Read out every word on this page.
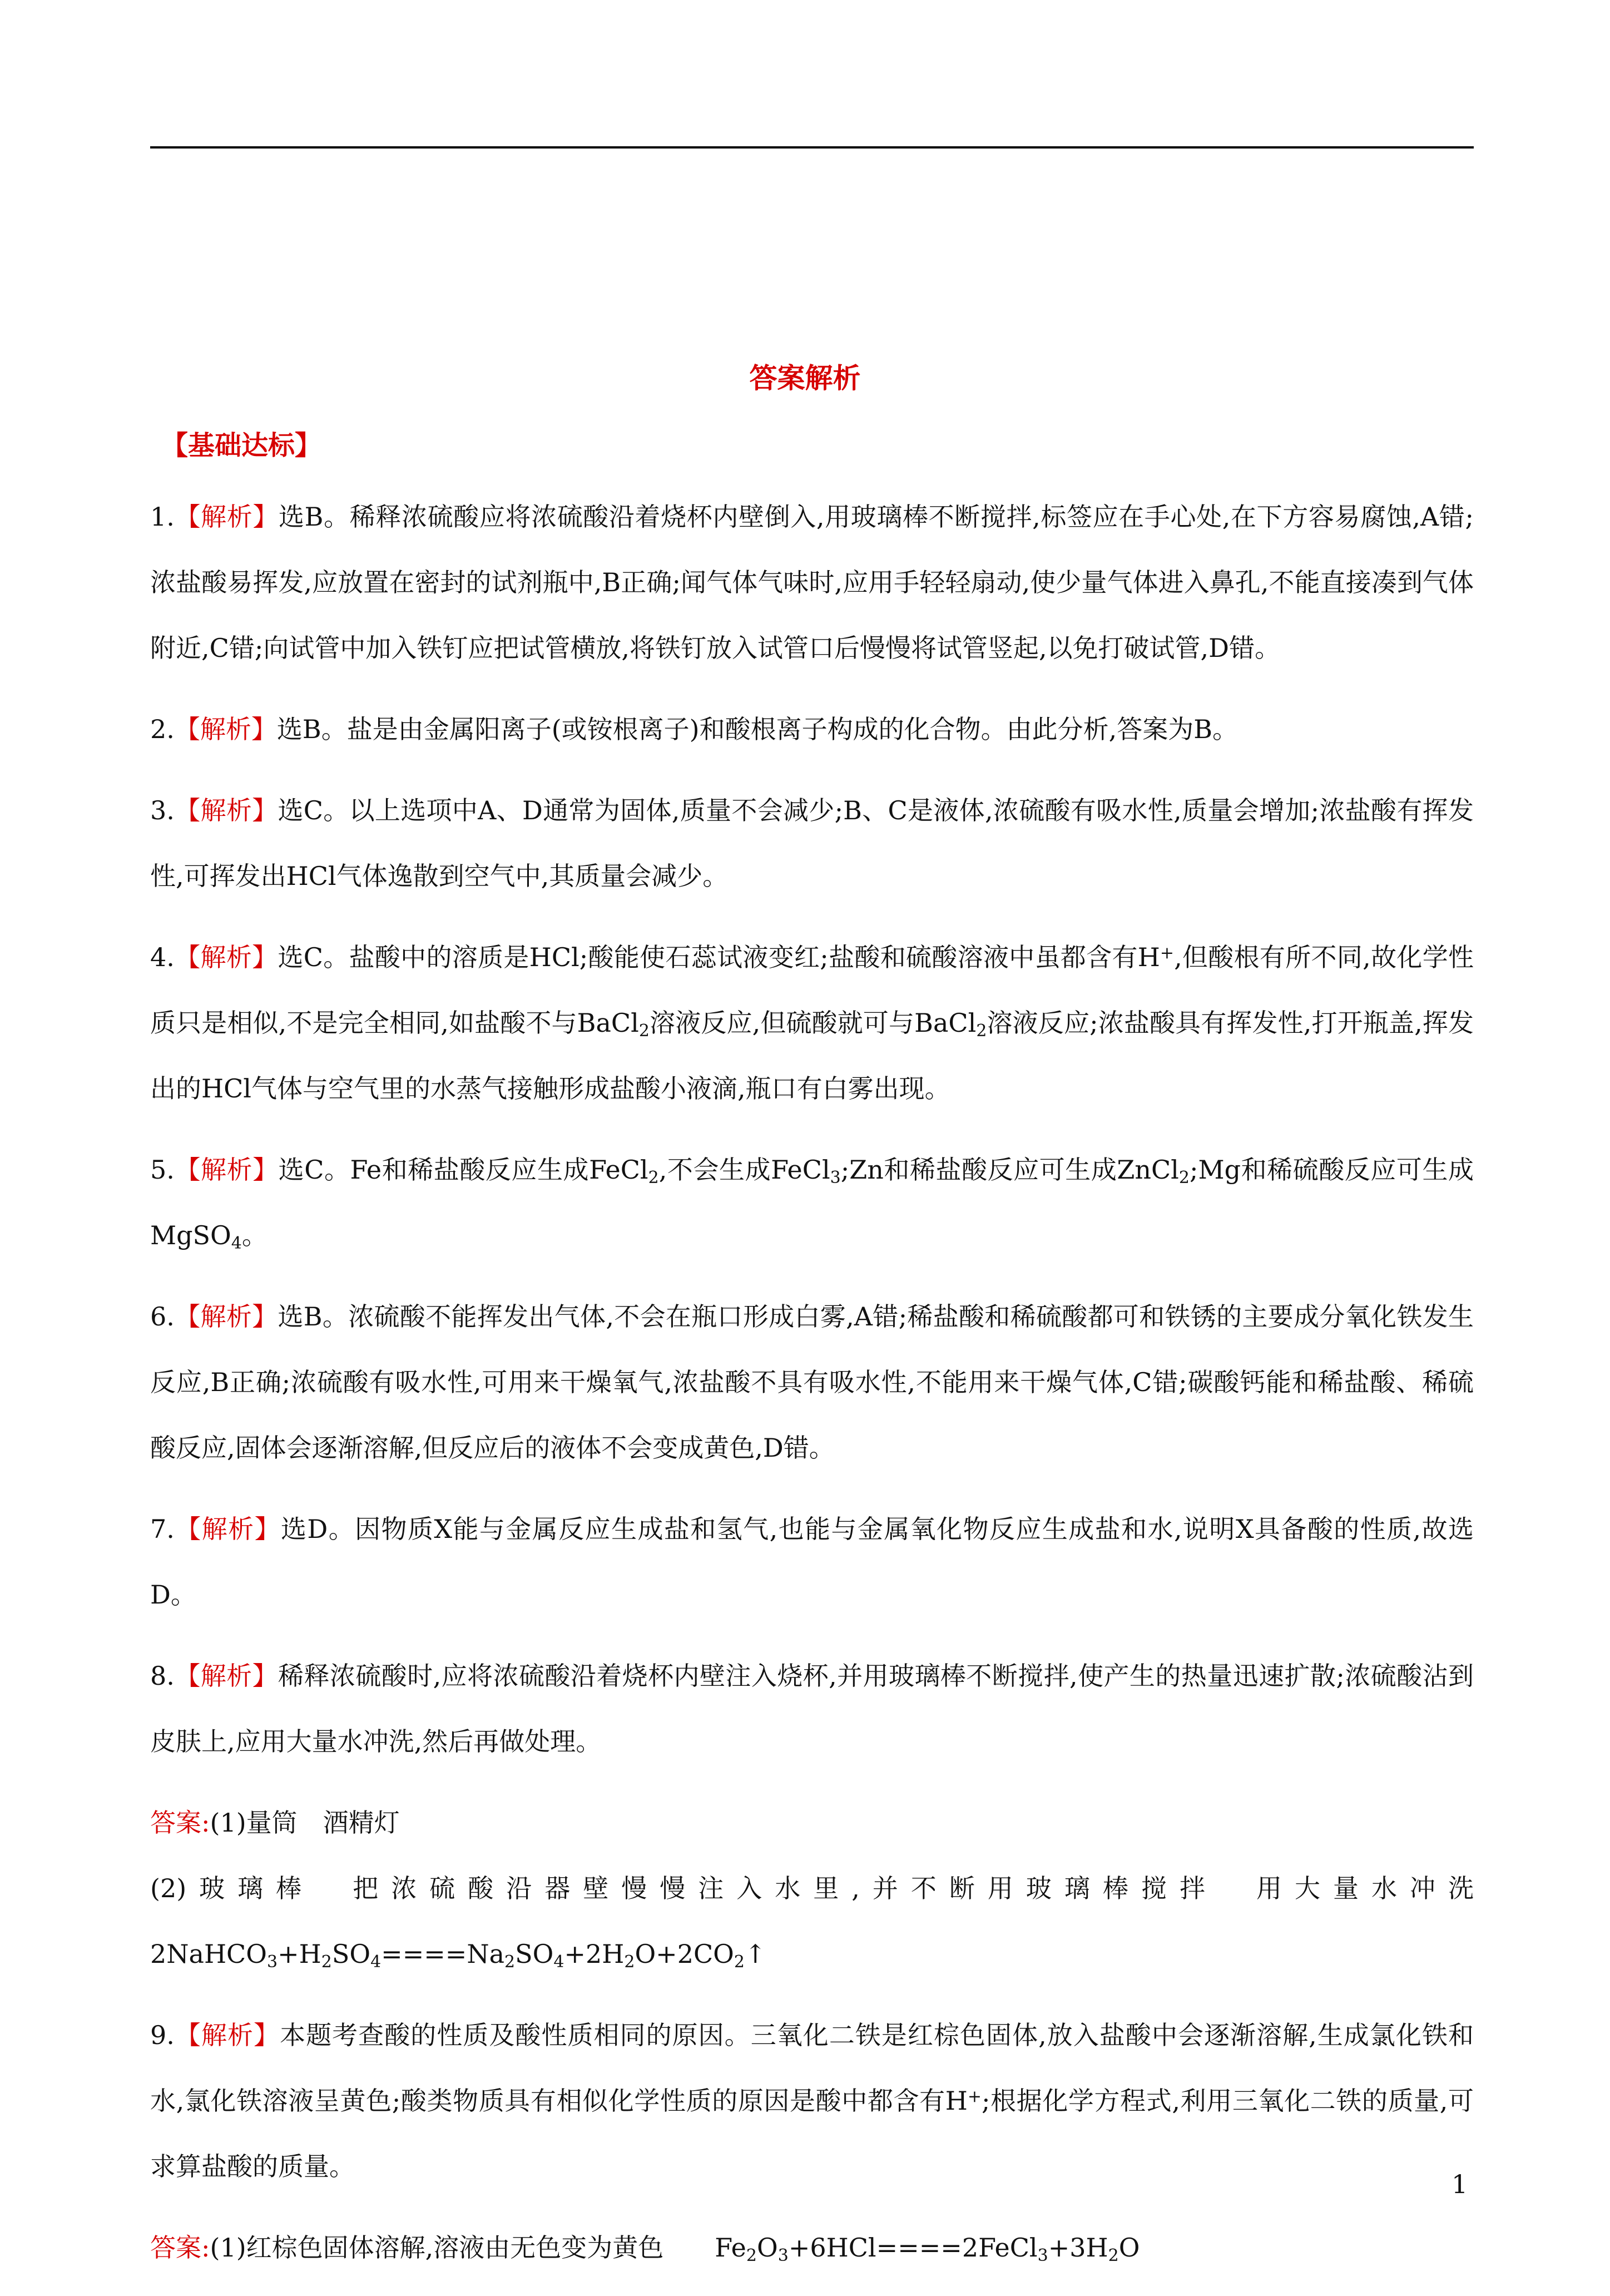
答案解析
【基础达标】

1.【解析】选B。稀释浓硫酸应将浓硫酸沿着烧杯内壁倒入,用玻璃棒不断搅拌,标签应在手心处,在下方容易腐蚀,A错;浓盐酸易挥发,应放置在密封的试剂瓶中,B正确;闻气体气味时,应用手轻轻扇动,使少量气体进入鼻孔,不能直接凑到气体附近,C错;向试管中加入铁钉应把试管横放,将铁钉放入试管口后慢慢将试管竖起,以免打破试管,D错。

2.【解析】选B。盐是由金属阳离子(或铵根离子)和酸根离子构成的化合物。由此分析,答案为B。

3.【解析】选C。以上选项中A、D通常为固体,质量不会减少;B、C是液体,浓硫酸有吸水性,质量会增加;浓盐酸有挥发性,可挥发出HCl气体逸散到空气中,其质量会减少。

4.【解析】选C。盐酸中的溶质是HCl;酸能使石蕊试液变红;盐酸和硫酸溶液中虽都含有H+,但酸根有所不同,故化学性质只是相似,不是完全相同,如盐酸不与BaCl$_2$溶液反应,但硫酸就可与BaCl$_2$溶液反应;浓盐酸具有挥发性,打开瓶盖,挥发出的HCl气体与空气里的水蒸气接触形成盐酸小液滴,瓶口有白雾出现。

5.【解析】选C。Fe和稀盐酸反应生成FeCl$_2$,不会生成FeCl$_3$;Zn和稀盐酸反应可生成ZnCl$_2$;Mg和稀硫酸反应可生成MgSO$_4$。

6.【解析】选B。浓硫酸不能挥发出气体,不会在瓶口形成白雾,A错;稀盐酸和稀硫酸都可和铁锈的主要成分氧化铁发生反应,B正确;浓硫酸有吸水性,可用来干燥氧气,浓盐酸不具有吸水性,不能用来干燥气体,C错;碳酸钙能和稀盐酸、稀硫酸反应,固体会逐渐溶解,但反应后的液体不会变成黄色,D错。

7.【解析】选D。因物质X能与金属反应生成盐和氢气,也能与金属氧化物反应生成盐和水,说明X具备酸的性质,故选D。

8.【解析】稀释浓硫酸时,应将浓硫酸沿着烧杯内壁注入烧杯,并用玻璃棒不断搅拌,使产生的热量迅速扩散;浓硫酸沾到皮肤上,应用大量水冲洗,然后再做处理。

答案:(1)量筒　酒精灯

(2)玻璃棒　把浓硫酸沿器壁慢慢注入水里,并不断用玻璃棒搅拌　用大量水冲洗

$2NaHCO_3+H_2SO_4====Na_2SO_4+2H_2O+2CO_2↑$

9.【解析】本题考查酸的性质及酸性质相同的原因。三氧化二铁是红棕色固体,放入盐酸中会逐渐溶解,生成氯化铁和水,氯化铁溶液呈黄色;酸类物质具有相似化学性质的原因是酸中都含有H+;根据化学方程式,利用三氧化二铁的质量,可求算盐酸的质量。

答案:(1)红棕色固体溶解,溶液由无色变为黄色　　$Fe_2O_3+6HCl====2FeCl_3+3H_2O$

1
